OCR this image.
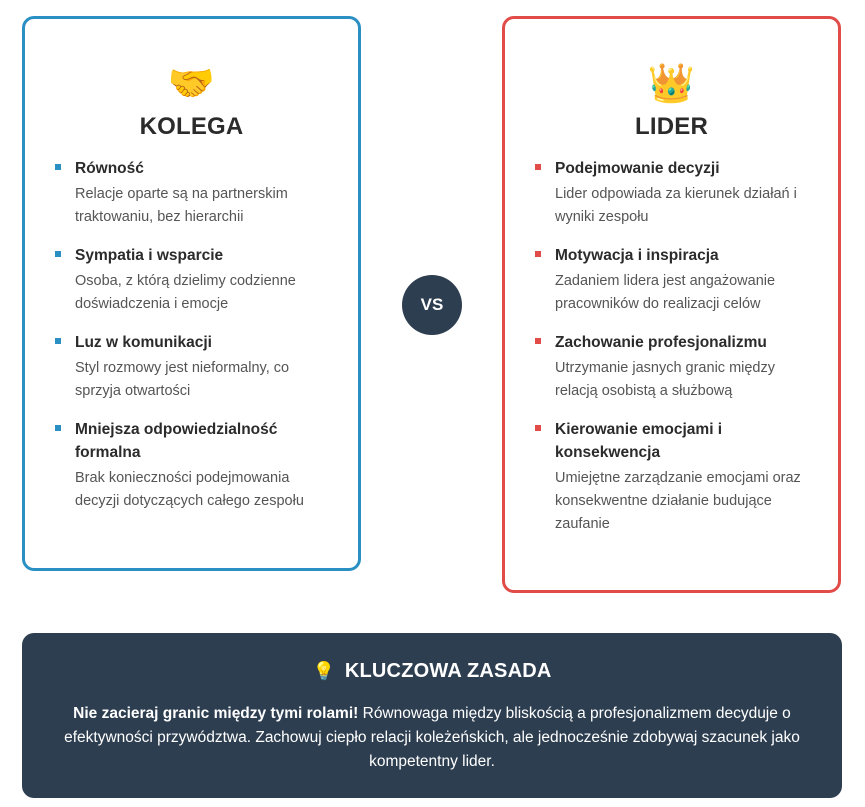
🤝
KOLEGA
Równość
Relacje oparte są na partnerskim traktowaniu, bez hierarchii
Sympatia i wsparcie
Osoba, z którą dzielimy codzienne doświadczenia i emocje
Luz w komunikacji
Styl rozmowy jest nieformalny, co sprzyja otwartości
Mniejsza odpowiedzialność formalna
Brak konieczności podejmowania decyzji dotyczących całego zespołu
VS
👑
LIDER
Podejmowanie decyzji
Lider odpowiada za kierunek działań i wyniki zespołu
Motywacja i inspiracja
Zadaniem lidera jest angażowanie pracowników do realizacji celów
Zachowanie profesjonalizmu
Utrzymanie jasnych granic między relacją osobistą a służbową
Kierowanie emocjami i konsekwencja
Umiejętne zarządzanie emocjami oraz konsekwentne działanie budujące zaufanie
💡 KLUCZOWA ZASADA

Nie zacieraj granic między tymi rolami! Równowaga między bliskością a profesjonalizmem decyduje o efektywności przywództwa. Zachowuj ciepło relacji koleżeńskich, ale jednocześnie zdobywaj szacunek jako kompetentny lider.
